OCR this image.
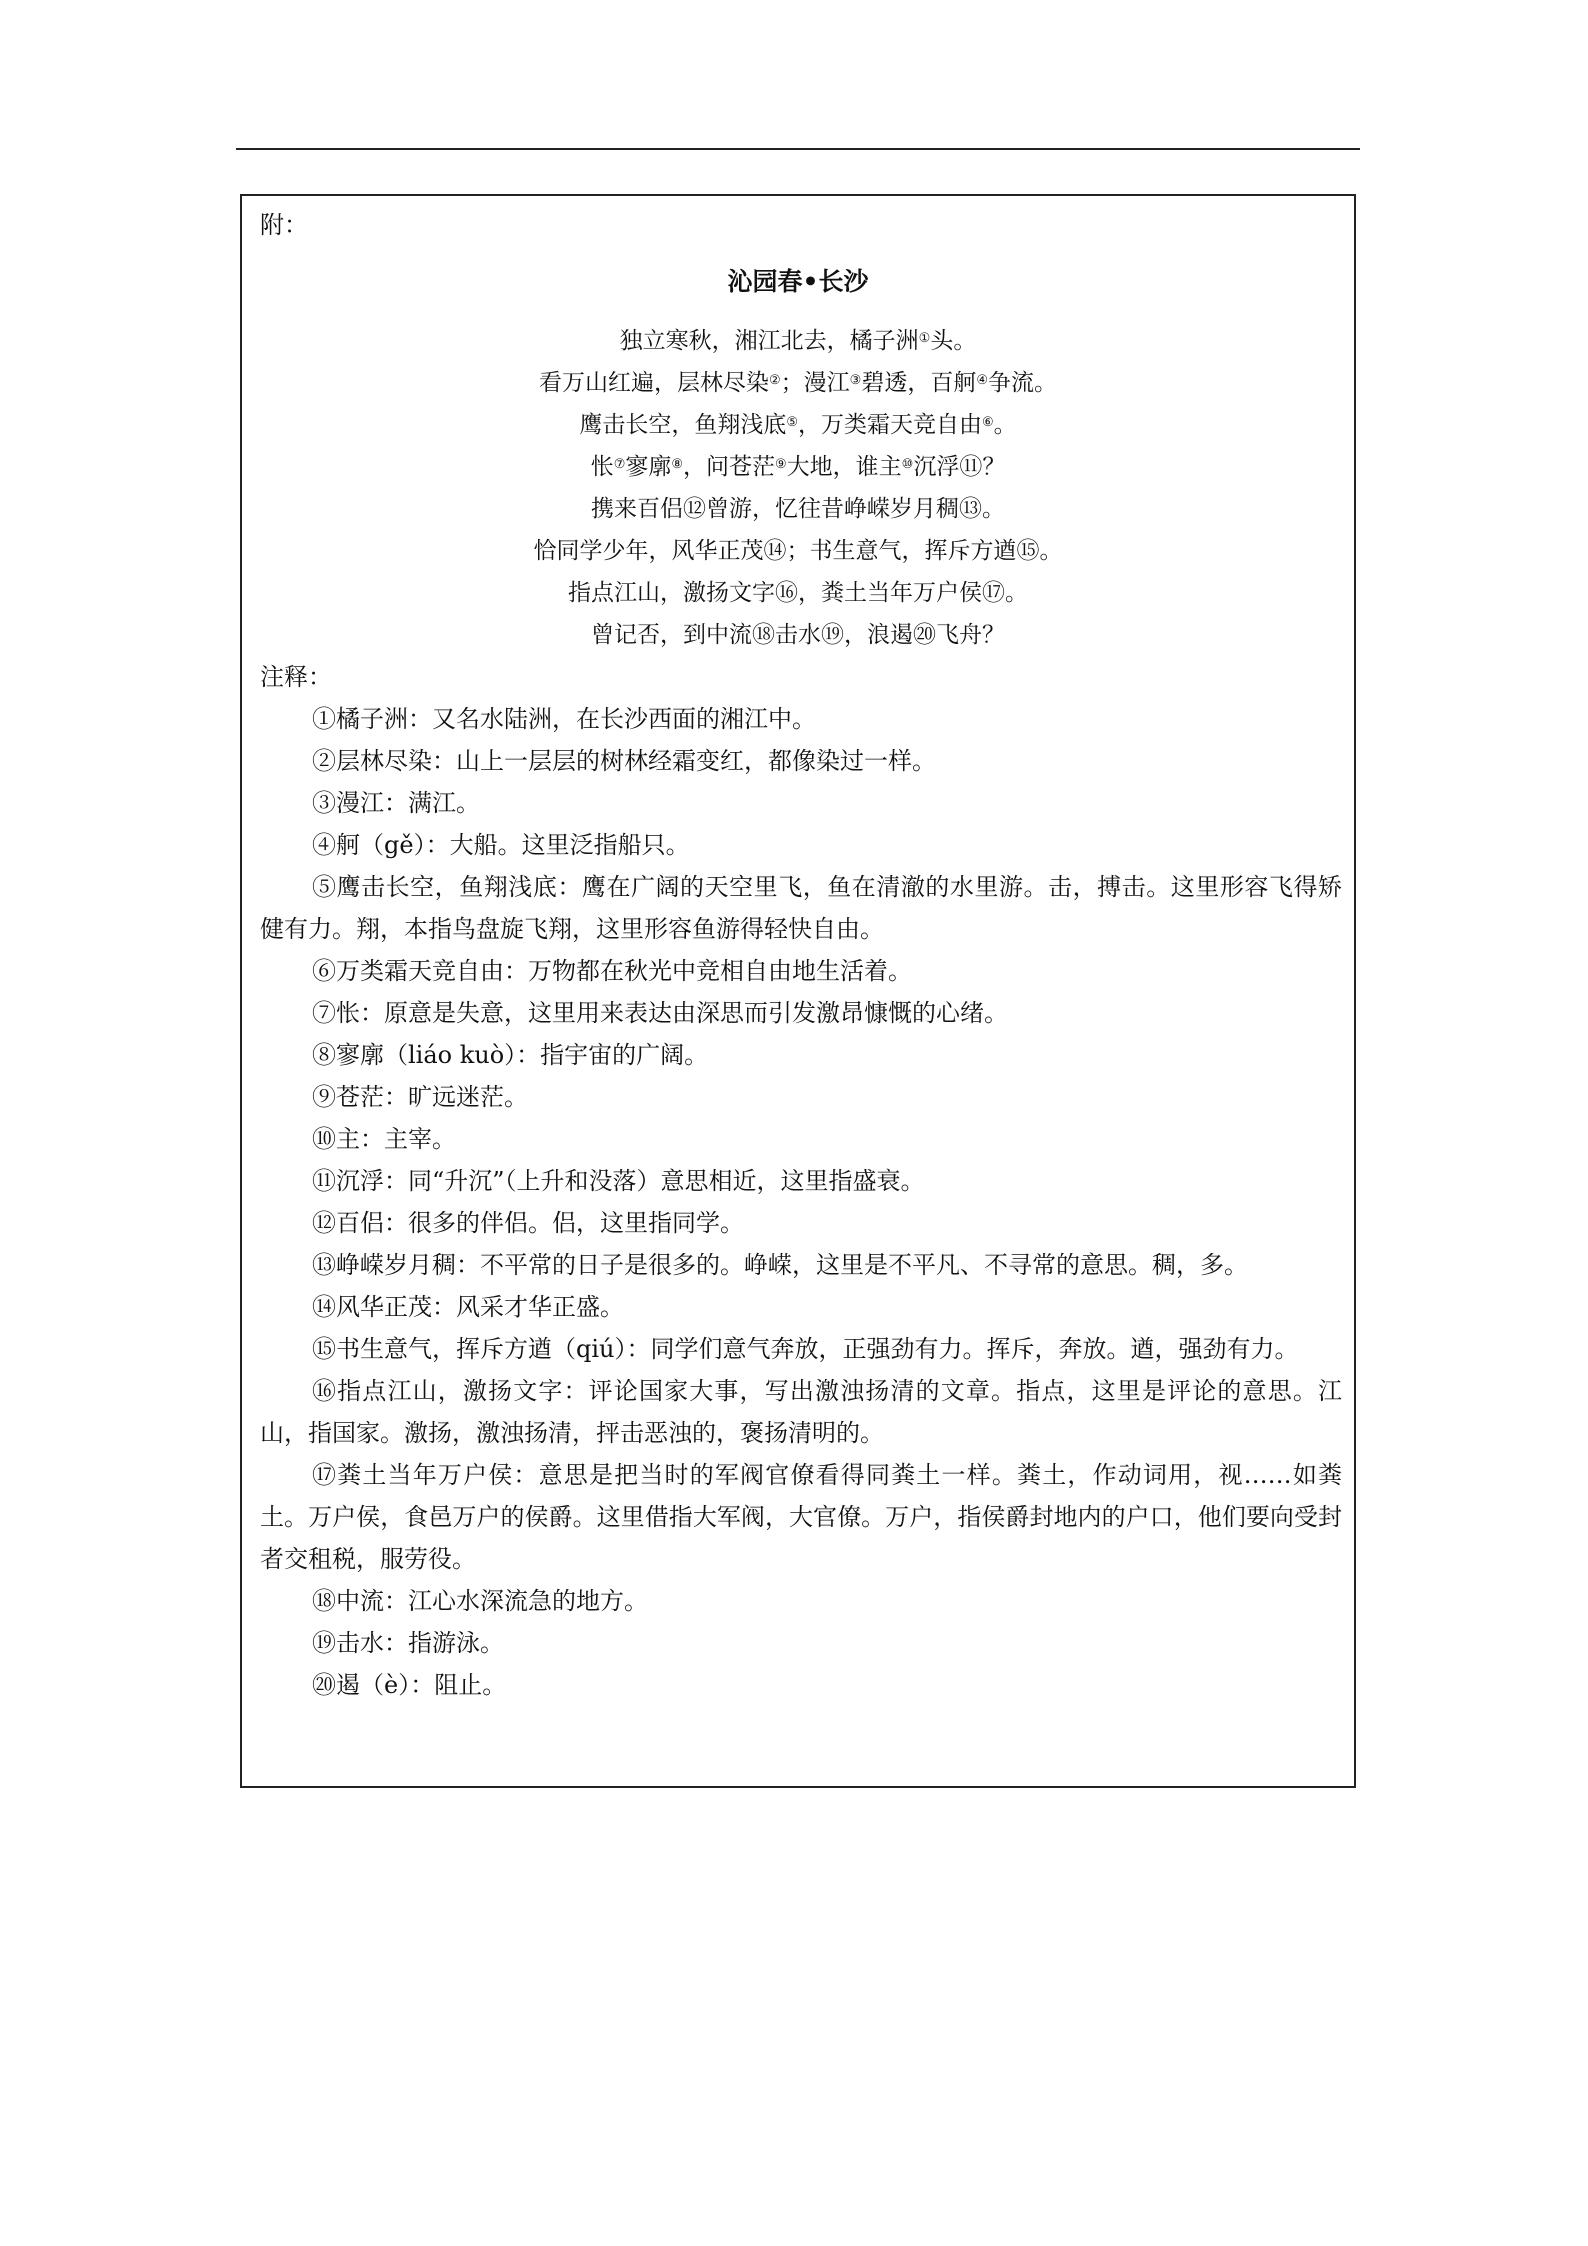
附：
沁园春•长沙
独立寒秋，湘江北去，橘子洲①头。
看万山红遍，层林尽染②；漫江③碧透，百舸④争流。
鹰击长空，鱼翔浅底⑤，万类霜天竞自由⑥。
怅⑦寥廓⑧，问苍茫⑨大地，谁主⑩沉浮⑪？
携来百侣⑫曾游，忆往昔峥嵘岁月稠⑬。
恰同学少年，风华正茂⑭；书生意气，挥斥方遒⑮。
指点江山，激扬文字⑯，粪土当年万户侯⑰。
曾记否，到中流⑱击水⑲，浪遏⑳飞舟？
注释：

①橘子洲：又名水陆洲，在长沙西面的湘江中。

②层林尽染：山上一层层的树林经霜变红，都像染过一样。

③漫江：满江。

④舸（gě）：大船。这里泛指船只。

⑤鹰击长空，鱼翔浅底：鹰在广阔的天空里飞，鱼在清澈的水里游。击，搏击。这里形容飞得矫健有力。翔，本指鸟盘旋飞翔，这里形容鱼游得轻快自由。

⑥万类霜天竞自由：万物都在秋光中竞相自由地生活着。

⑦怅：原意是失意，这里用来表达由深思而引发激昂慷慨的心绪。

⑧寥廓（liáo kuò）：指宇宙的广阔。

⑨苍茫：旷远迷茫。

⑩主：主宰。

⑪沉浮：同“升沉”（上升和没落）意思相近，这里指盛衰。

⑫百侣：很多的伴侣。侣，这里指同学。

⑬峥嵘岁月稠：不平常的日子是很多的。峥嵘，这里是不平凡、不寻常的意思。稠，多。

⑭风华正茂：风采才华正盛。

⑮书生意气，挥斥方遒（qiú）：同学们意气奔放，正强劲有力。挥斥，奔放。遒，强劲有力。

⑯指点江山，激扬文字：评论国家大事，写出激浊扬清的文章。指点，这里是评论的意思。江山，指国家。激扬，激浊扬清，抨击恶浊的，褒扬清明的。

⑰粪土当年万户侯：意思是把当时的军阀官僚看得同粪土一样。粪土，作动词用，视……如粪土。万户侯，食邑万户的侯爵。这里借指大军阀，大官僚。万户，指侯爵封地内的户口，他们要向受封者交租税，服劳役。

⑱中流：江心水深流急的地方。

⑲击水：指游泳。

⑳遏（è）：阻止。
